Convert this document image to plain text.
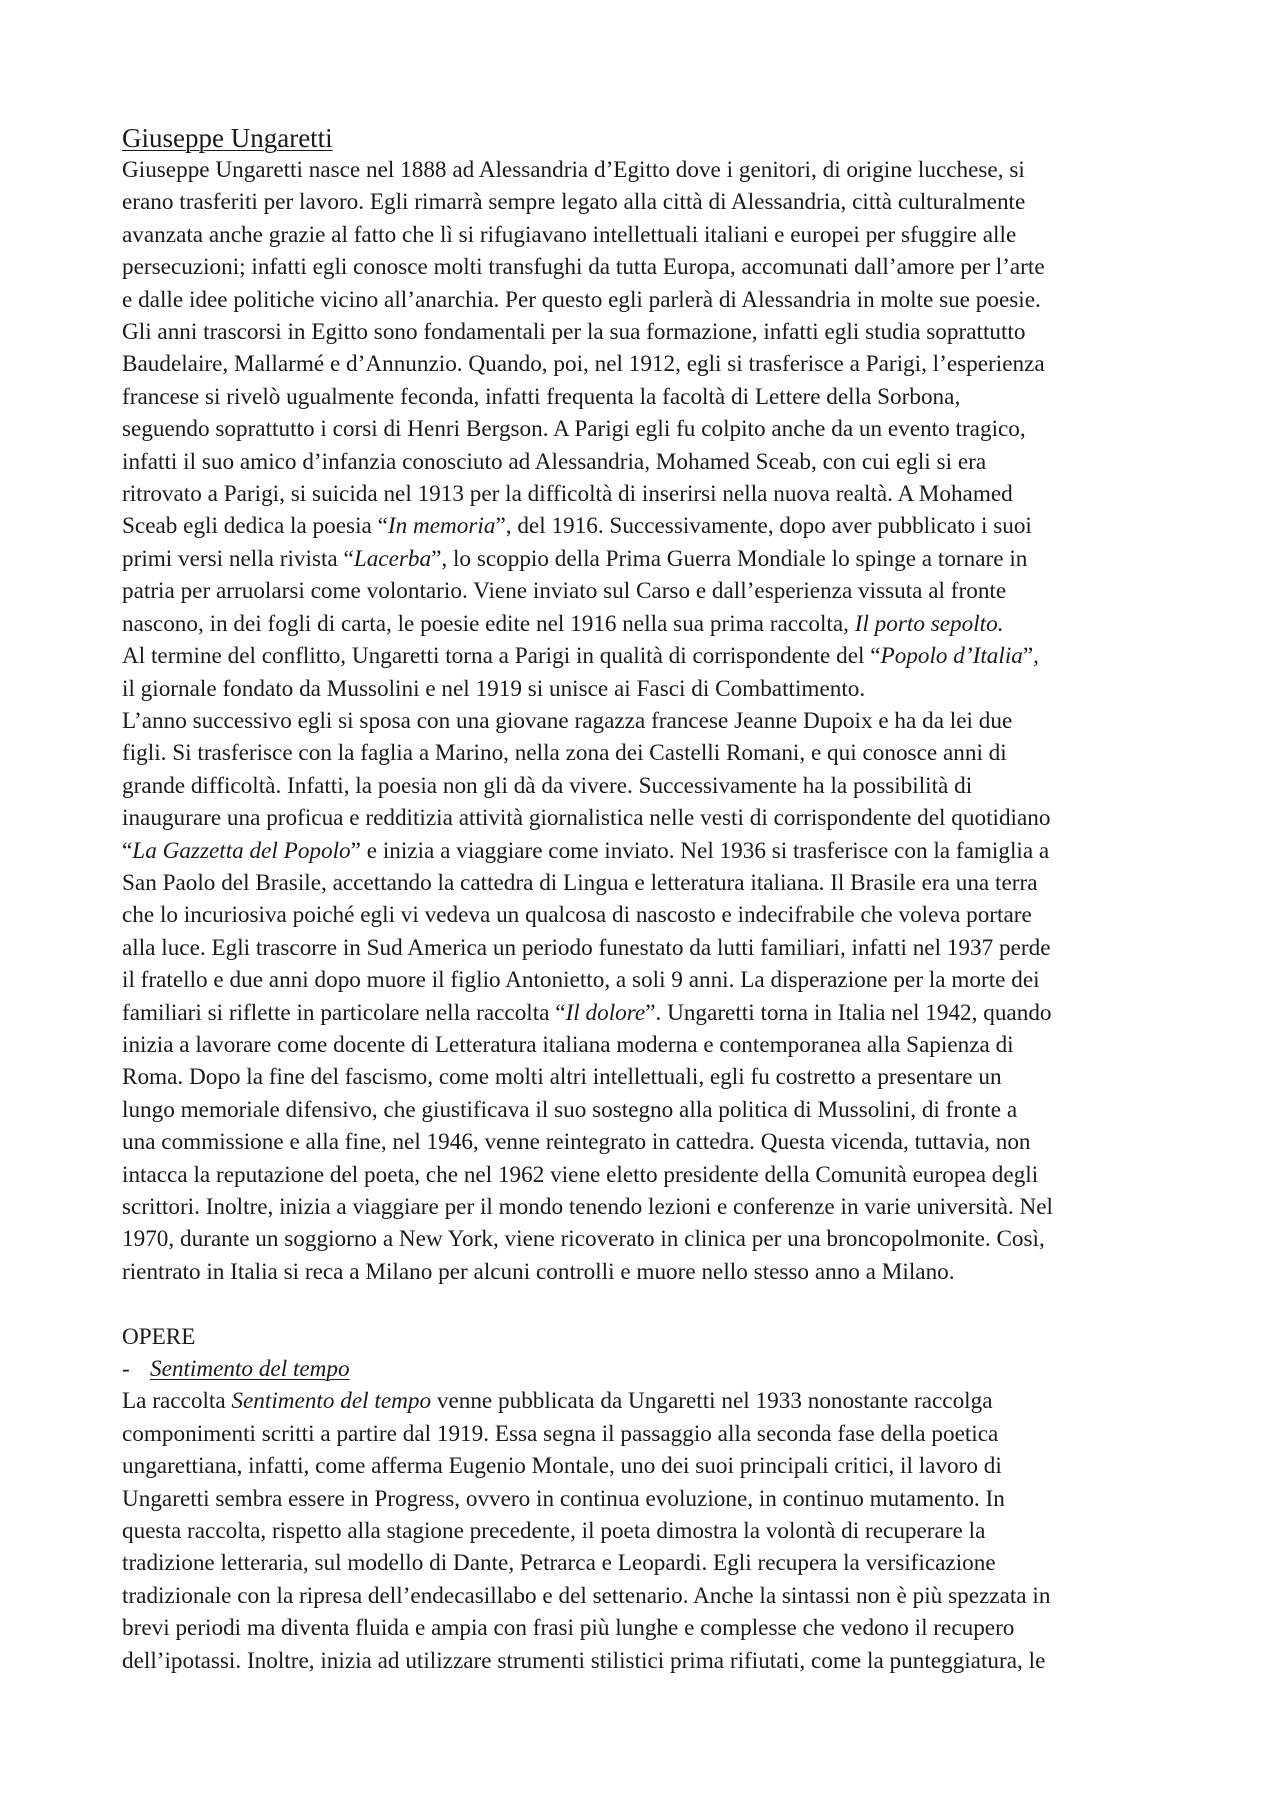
Giuseppe Ungaretti
Giuseppe Ungaretti nasce nel 1888 ad Alessandria d’Egitto dove i genitori, di origine lucchese, si
erano trasferiti per lavoro. Egli rimarrà sempre legato alla città di Alessandria, città culturalmente
avanzata anche grazie al fatto che lì si rifugiavano intellettuali italiani e europei per sfuggire alle
persecuzioni; infatti egli conosce molti transfughi da tutta Europa, accomunati dall’amore per l’arte
e dalle idee politiche vicino all’anarchia. Per questo egli parlerà di Alessandria in molte sue poesie.
Gli anni trascorsi in Egitto sono fondamentali per la sua formazione, infatti egli studia soprattutto
Baudelaire, Mallarmé e d’Annunzio. Quando, poi, nel 1912, egli si trasferisce a Parigi, l’esperienza
francese si rivelò ugualmente feconda, infatti frequenta la facoltà di Lettere della Sorbona,
seguendo soprattutto i corsi di Henri Bergson. A Parigi egli fu colpito anche da un evento tragico,
infatti il suo amico d’infanzia conosciuto ad Alessandria, Mohamed Sceab, con cui egli si era
ritrovato a Parigi, si suicida nel 1913 per la difficoltà di inserirsi nella nuova realtà. A Mohamed
Sceab egli dedica la poesia “In memoria”, del 1916. Successivamente, dopo aver pubblicato i suoi
primi versi nella rivista “Lacerba”, lo scoppio della Prima Guerra Mondiale lo spinge a tornare in
patria per arruolarsi come volontario. Viene inviato sul Carso e dall’esperienza vissuta al fronte
nascono, in dei fogli di carta, le poesie edite nel 1916 nella sua prima raccolta, Il porto sepolto.
Al termine del conflitto, Ungaretti torna a Parigi in qualità di corrispondente del “Popolo d’Italia”,
il giornale fondato da Mussolini e nel 1919 si unisce ai Fasci di Combattimento.
L’anno successivo egli si sposa con una giovane ragazza francese Jeanne Dupoix e ha da lei due
figli. Si trasferisce con la faglia a Marino, nella zona dei Castelli Romani, e qui conosce anni di
grande difficoltà. Infatti, la poesia non gli dà da vivere. Successivamente ha la possibilità di
inaugurare una proficua e redditizia attività giornalistica nelle vesti di corrispondente del quotidiano
“La Gazzetta del Popolo” e inizia a viaggiare come inviato. Nel 1936 si trasferisce con la famiglia a
San Paolo del Brasile, accettando la cattedra di Lingua e letteratura italiana. Il Brasile era una terra
che lo incuriosiva poiché egli vi vedeva un qualcosa di nascosto e indecifrabile che voleva portare
alla luce. Egli trascorre in Sud America un periodo funestato da lutti familiari, infatti nel 1937 perde
il fratello e due anni dopo muore il figlio Antonietto, a soli 9 anni. La disperazione per la morte dei
familiari si riflette in particolare nella raccolta “Il dolore”. Ungaretti torna in Italia nel 1942, quando
inizia a lavorare come docente di Letteratura italiana moderna e contemporanea alla Sapienza di
Roma. Dopo la fine del fascismo, come molti altri intellettuali, egli fu costretto a presentare un
lungo memoriale difensivo, che giustificava il suo sostegno alla politica di Mussolini, di fronte a
una commissione e alla fine, nel 1946, venne reintegrato in cattedra. Questa vicenda, tuttavia, non
intacca la reputazione del poeta, che nel 1962 viene eletto presidente della Comunità europea degli
scrittori. Inoltre, inizia a viaggiare per il mondo tenendo lezioni e conferenze in varie università. Nel
1970, durante un soggiorno a New York, viene ricoverato in clinica per una broncopolmonite. Così,
rientrato in Italia si reca a Milano per alcuni controlli e muore nello stesso anno a Milano.
OPERE
- Sentimento del tempo
La raccolta Sentimento del tempo venne pubblicata da Ungaretti nel 1933 nonostante raccolga
componimenti scritti a partire dal 1919. Essa segna il passaggio alla seconda fase della poetica
ungarettiana, infatti, come afferma Eugenio Montale, uno dei suoi principali critici, il lavoro di
Ungaretti sembra essere in Progress, ovvero in continua evoluzione, in continuo mutamento. In
questa raccolta, rispetto alla stagione precedente, il poeta dimostra la volontà di recuperare la
tradizione letteraria, sul modello di Dante, Petrarca e Leopardi. Egli recupera la versificazione
tradizionale con la ripresa dell’endecasillabo e del settenario. Anche la sintassi non è più spezzata in
brevi periodi ma diventa fluida e ampia con frasi più lunghe e complesse che vedono il recupero
dell’ipotassi. Inoltre, inizia ad utilizzare strumenti stilistici prima rifiutati, come la punteggiatura, le
